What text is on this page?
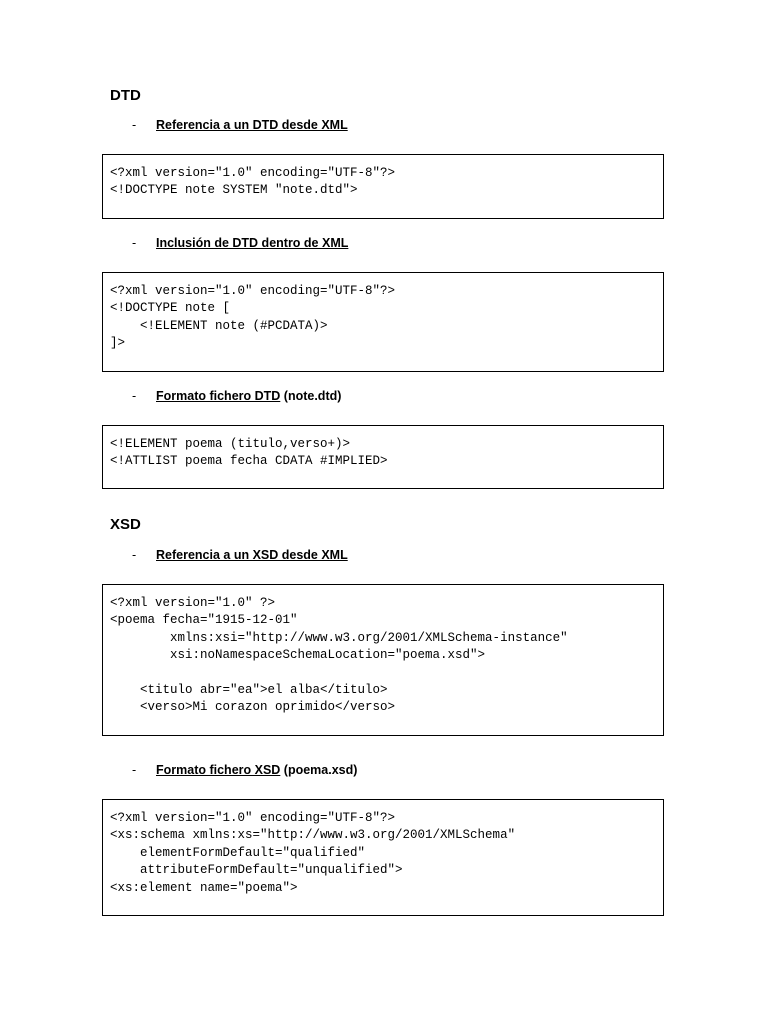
DTD
- Referencia a un DTD desde XML
<?xml version="1.0" encoding="UTF-8"?>
<!DOCTYPE note SYSTEM "note.dtd">
- Inclusión de DTD dentro de XML
<?xml version="1.0" encoding="UTF-8"?>
<!DOCTYPE note [
<!ELEMENT note (#PCDATA)>
]>
- Formato fichero DTD (note.dtd)
<!ELEMENT poema (titulo,verso+)>
<!ATTLIST poema fecha CDATA #IMPLIED>
XSD
- Referencia a un XSD desde XML
<?xml version="1.0" ?>
<poema fecha="1915-12-01"
xmlns:xsi="http://www.w3.org/2001/XMLSchema-instance"
xsi:noNamespaceSchemaLocation="poema.xsd">
<titulo abr="ea">el alba</titulo>
<verso>Mi corazon oprimido</verso>
- Formato fichero XSD (poema.xsd)
<?xml version="1.0" encoding="UTF-8"?>
<xs:schema xmlns:xs="http://www.w3.org/2001/XMLSchema"
elementFormDefault="qualified"
attributeFormDefault="unqualified">
<xs:element name="poema">
